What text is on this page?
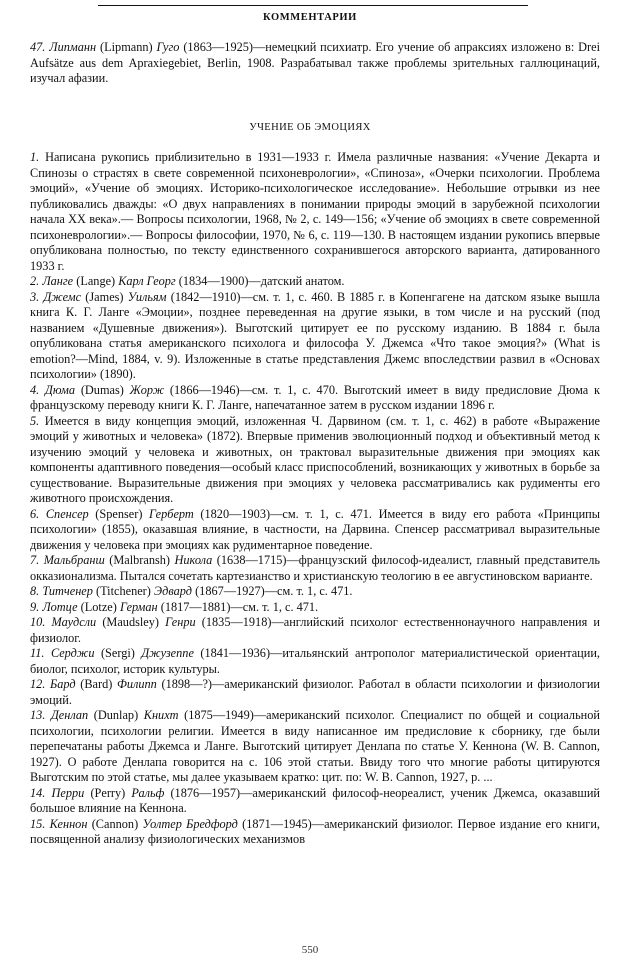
КОММЕНТАРИИ

47. Липманн (Lipmann) Гуго (1863—1925)—немецкий психиатр. Его учение об апраксиях изложено в: Drei Aufsätze aus dem Apraxiegebiet, Berlin, 1908. Разрабатывал также проблемы зрительных галлюцинаций, изучал афазии.

УЧЕНИЕ ОБ ЭМОЦИЯХ

1. Написана рукопись приблизительно в 1931—1933 г. Имела различные названия: «Учение Декарта и Спинозы о страстях в свете современной психоневрологии», «Спиноза», «Очерки психологии. Проблема эмоций», «Учение об эмоциях. Историко-психологическое исследование». Небольшие отрывки из нее публиковались дважды: «О двух направлениях в понимании природы эмоций в зарубежной психологии начала XX века».— Вопросы психологии, 1968, № 2, с. 149—156; «Учение об эмоциях в свете современной психоневрологии».— Вопросы философии, 1970, № 6, с. 119—130. В настоящем издании рукопись впервые опубликована полностью, по тексту единственного сохранившегося авторского варианта, датированного 1933 г.

2. Ланге (Lange) Карл Георг (1834—1900)—датский анатом.

3. Джемс (James) Уильям (1842—1910)—см. т. 1, с. 460. В 1885 г. в Копенгагене на датском языке вышла книга К. Г. Ланге «Эмоции», позднее переведенная на другие языки, в том числе и на русский (под названием «Душевные движения»). Выготский цитирует ее по русскому изданию. В 1884 г. была опубликована статья американского психолога и философа У. Джемса «Что такое эмоция?» (What is emotion?—Mind, 1884, v. 9). Изложенные в статье представления Джемс впоследствии развил в «Основах психологии» (1890).

4. Дюма (Dumas) Жорж (1866—1946)—см. т. 1, с. 470. Выготский имеет в виду предисловие Дюма к французскому переводу книги К. Г. Ланге, напечатанное затем в русском издании 1896 г.

5. Имеется в виду концепция эмоций, изложенная Ч. Дарвином (см. т. 1, с. 462) в работе «Выражение эмоций у животных и человека» (1872). Впервые применив эволюционный подход и объективный метод к изучению эмоций у человека и животных, он трактовал выразительные движения при эмоциях как компоненты адаптивного поведения—особый класс приспособлений, возникающих у животных в борьбе за существование. Выразительные движения при эмоциях у человека рассматривались как рудименты его животного происхождения.

6. Спенсер (Spenser) Герберт (1820—1903)—см. т. 1, с. 471. Имеется в виду его работа «Принципы психологии» (1855), оказавшая влияние, в частности, на Дарвина. Спенсер рассматривал выразительные движения у человека при эмоциях как рудиментарное поведение.

7. Мальбранш (Malbransh) Никола (1638—1715)—французский философ-идеалист, главный представитель окказионализма. Пытался сочетать картезианство и христианскую теологию в ее августиновском варианте.

8. Титченер (Titchener) Эдвард (1867—1927)—см. т. 1, с. 471.

9. Лотце (Lotze) Герман (1817—1881)—см. т. 1, с. 471.

10. Маудсли (Maudsley) Генри (1835—1918)—английский психолог естественнонаучного направления и физиолог.

11. Серджи (Sergi) Джузеппе (1841—1936)—итальянский антрополог материалистической ориентации, биолог, психолог, историк культуры.

12. Бард (Bard) Филипп (1898—?)—американский физиолог. Работал в области психологии и физиологии эмоций.

13. Денлап (Dunlap) Книхт (1875—1949)—американский психолог. Специалист по общей и социальной психологии, психологии религии. Имеется в виду написанное им предисловие к сборнику, где были перепечатаны работы Джемса и Ланге. Выготский цитирует Денлапа по статье У. Кеннона (W. B. Cannon, 1927). О работе Денлапа говорится на с. 106 этой статьи. Ввиду того что многие работы цитируются Выготским по этой статье, мы далее указываем кратко: цит. по: W. B. Cannon, 1927, p. ...

14. Перри (Perry) Ральф (1876—1957)—американский философ-неореалист, ученик Джемса, оказавший большое влияние на Кеннона.

15. Кеннон (Cannon) Уолтер Бредфорд (1871—1945)—американский физиолог. Первое издание его книги, посвященной анализу физиологических механизмов

550
